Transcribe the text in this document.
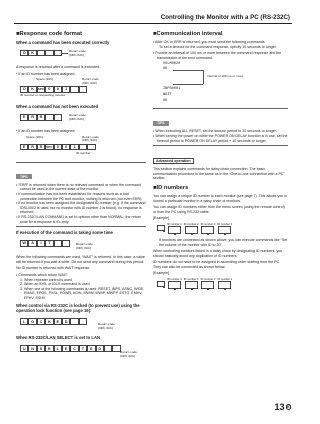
Controlling the Monitor with a PC (RS-232C)
■Response code format
When a command has been executed correctly
O	K
Return code
(0Dh, 0Ah)
A response is returned after a command is executed.
* If an ID number has been assigned.
Space (20h)	Return code
(0Dh, 0Ah)
O	K	SPC	0	0	1
ID number of responding monitor
When a command has not been executed
E	R	R
Return code
(0Dh, 0Ah)
* If an ID number has been assigned.
Space (20h)	Return code
(0Dh, 0Ah)
E	R	R	SPC	0	0	1
ID number
TIPS
• “ERR” is returned when there is no relevant command or when the command cannot be used in the current state of the monitor.
• If communication has not been established for reasons such as a bad connection between the PC and monitor, nothing is returned (not even ERR).
• If no monitor has been assigned the designated ID number (e.g. if the command IDSL0002 is used, but no monitor with ID number 2 is found), no response is returned.
• If RS-232C/LAN COMMAND is set to options other than NORMAL, the return code for a response is ID–only.
If execution of the command is taking some time
W	A	I	T	Return code
(0Dh, 0Ah)
When the following commands are used, “WAIT” is returned. In this case, a value will be returned if you wait a while. Do not send any command during this period.
No ID number is returned with WAIT response.
• Commands which return WAIT:
1. When repeater control is used
2. When an IDSL or IDLK command is used
3. When one of the following commands is used: RESET, INPS, ASNC, WIDE, EMAG, EPOS, PXSL, POWR, AGIN, MWIN, MWIP, MWPP, ESTG, EMHV, EPHV, ESHV
When control via RS-232C is locked (to prevent use) using the operation lock function (see page 19):
L	O	C	K	E	D
Return code
(0Dh, 0Ah)
When RS-232C/LAN SELECT is set to LAN
U	N	S	E	L	E	C	T	E	D
Return code
(0Dh, 0Ah)
■Communication interval
• After OK or ERR is returned, you must send the following commands.
To set a timeout for the command response, specify 10 seconds or longer.
• Provide an interval of 100 ms or more between the command response and the transmission of the next command.
VOLM0020
OK
Interval of 100 ms or more
INPS0001
WAIT
OK
TIPS
• When executing ALL RESET, set the timeout period to 30 seconds or longer.
• When turning the power on while the POWER ON DELAY function is in use, set the timeout period to POWER ON DELAY period + 10 seconds or longer.
Advanced operation
This section explains commands for daisy chain connection. The basic communication procedure is the same as in the “One-to-one connection with a PC” section.
■ID numbers
You can assign a unique ID number to each monitor (see page 7). This allows you to control a particular monitor in a daisy chain of monitors.
You can assign ID numbers either from the menu screen (using the remote control) or from the PC using RS-232 cable.
[Example]
ID number 1 ID number 2 ID number 3 ID number 4
If monitors are connected as shown above, you can execute commands like “Set the volume of the monitor with ID to 20”.
When controlling monitors linked in a daisy chain by designating ID numbers, you should basically avoid any duplication of ID numbers.
ID numbers do not have to be assigned in ascending order starting from the PC. They can also be connected as shown below.
[Example]
ID number 4 ID number 1 ID number 3 ID number 2
13 E
